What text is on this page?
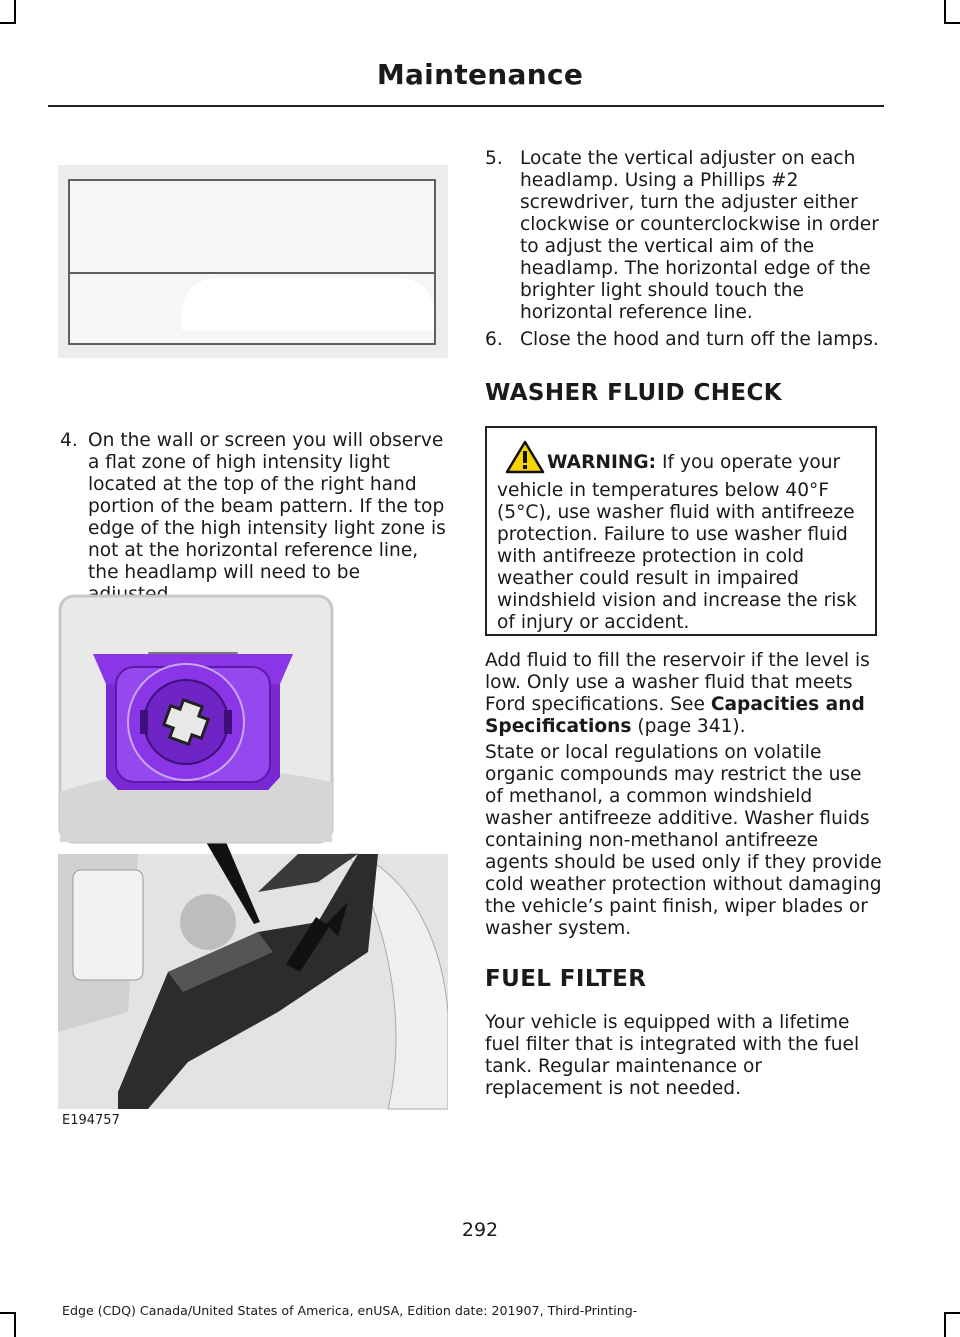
Maintenance
4. On the wall or screen you will observe a flat zone of high intensity light located at the top of the right hand portion of the beam pattern. If the top edge of the high intensity light zone is not at the horizontal reference line, the headlamp will need to be
E194757
5. Locate the vertical adjuster on each headlamp. Using a Phillips #2 screwdriver, turn the adjuster either clockwise or counterclockwise in order to adjust the vertical aim of the headlamp. The horizontal edge of the brighter light should touch the horizontal reference line.
6. Close the hood and turn off the lamps.
WASHER FLUID CHECK
WARNING: If you operate your vehicle in temperatures below 40°F (5°C), use washer fluid with antifreeze protection. Failure to use washer fluid with antifreeze protection in cold weather could result in impaired windshield vision and increase the risk of injury or accident.
Add fluid to fill the reservoir if the level is low. Only use a washer fluid that meets Ford specifications. See Capacities and Specifications (page 341).
State or local regulations on volatile organic compounds may restrict the use of methanol, a common windshield washer antifreeze additive. Washer fluids containing non-methanol antifreeze agents should be used only if they provide cold weather protection without damaging the vehicle’s paint finish, wiper blades or washer system.
FUEL FILTER
Your vehicle is equipped with a lifetime fuel filter that is integrated with the fuel tank. Regular maintenance or replacement is not needed.
292
Edge (CDQ) Canada/United States of America, enUSA, Edition date: 201907, Third-Printing-
